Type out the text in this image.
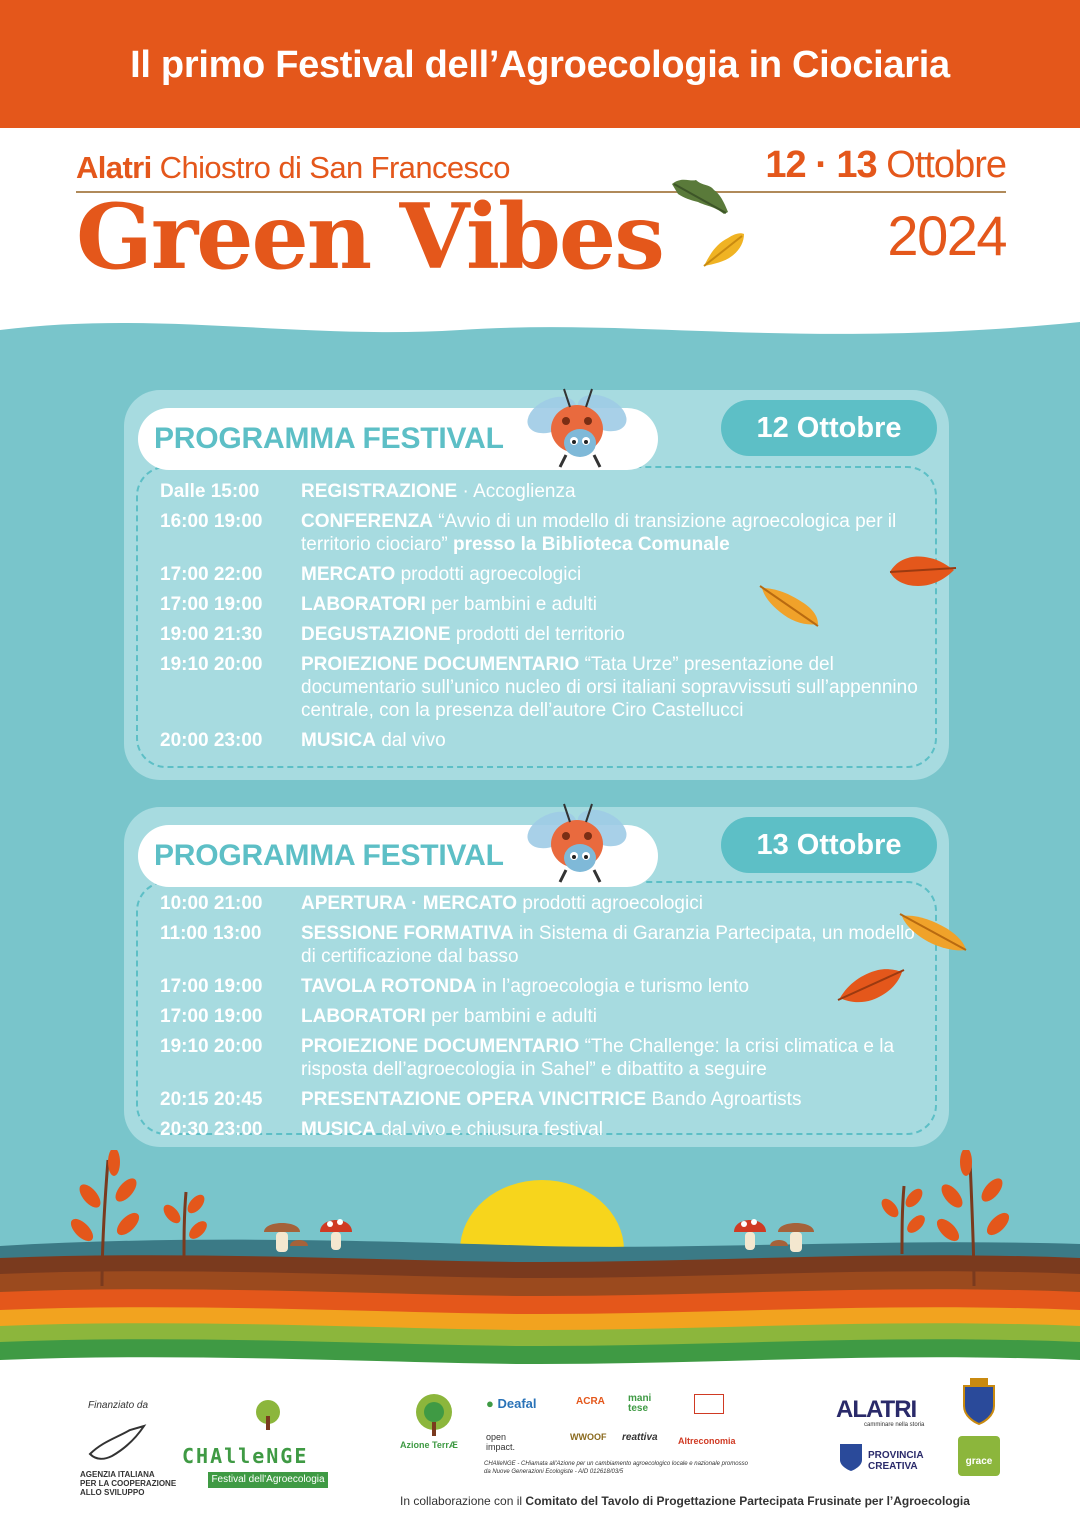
Il primo Festival dell’Agroecologia in Ciociaria
Alatri Chiostro di San Francesco	12 · 13 Ottobre
2024
Green Vibes
PROGRAMMA FESTIVAL	12 Ottobre
Dalle 15:00	REGISTRAZIONE · Accoglienza
16:00 19:00	CONFERENZA “Avvio di un modello di transizione agroecologica per il territorio ciociaro” presso la Biblioteca Comunale
17:00 22:00	MERCATO prodotti agroecologici
17:00 19:00	LABORATORI per bambini e adulti
19:00 21:30	DEGUSTAZIONE prodotti del territorio
19:10 20:00	PROIEZIONE DOCUMENTARIO “Tata Urze” presentazione del documentario sull’unico nucleo di orsi italiani sopravvissuti sull’appennino centrale, con la presenza dell’autore Ciro Castellucci
20:00 23:00	MUSICA dal vivo
PROGRAMMA FESTIVAL	13 Ottobre
10:00 21:00	APERTURA · MERCATO prodotti agroecologici
11:00 13:00	SESSIONE FORMATIVA in Sistema di Garanzia Partecipata, un modello di certificazione dal basso
17:00 19:00	TAVOLA ROTONDA in l’agroecologia e turismo lento
17:00 19:00	LABORATORI per bambini e adulti
19:10 20:00	PROIEZIONE DOCUMENTARIO “The Challenge: la crisi climatica e la risposta dell’agroecologia in Sahel” e dibattito a seguire
20:15 20:45	PRESENTAZIONE OPERA VINCITRICE Bando Agroartists
20:30 23:00	MUSICA dal vivo e chiusura festival
Finanziato da
AGENZIA ITALIANA
PER LA COOPERAZIONE
ALLO SVILUPPO
CHAlleNGE
Festival dell'Agroecologia
Azione TerrÆ
● Deafal	ACRA mani tese
open impact.
WWOOF reattiva Altreconomia
CHAlleNGE - CHiamata all'Azione per un cambiamento agroecologico locale e nazionale promosso da Nuove Generazioni Ecologiste - AID 012618/03/5
ALATRI
camminare nella storia
PROVINCIA CREATIVA	grace
In collaborazione con il Comitato del Tavolo di Progettazione Partecipata Frusinate per l’Agroecologia
